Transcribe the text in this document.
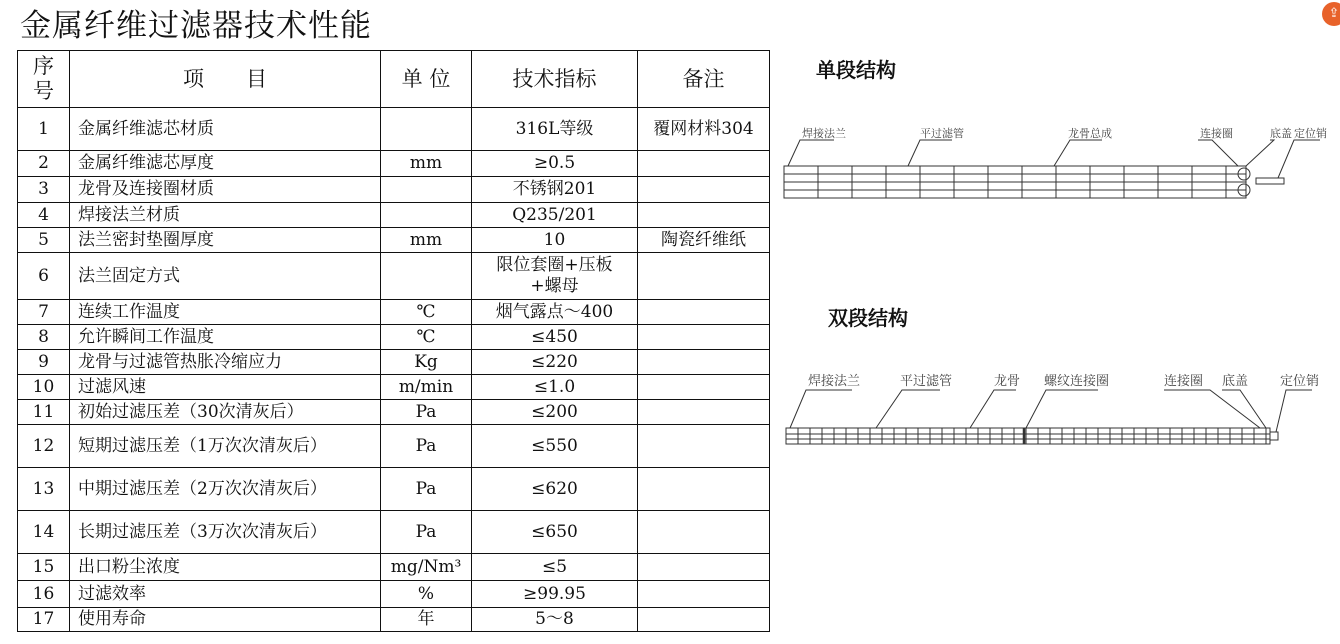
金属纤维过滤器技术性能	⇪
序
号	项　　目	单 位	技术指标	备注
1	金属纤维滤芯材质		316L等级	覆网材料304
2	金属纤维滤芯厚度	mm	≥0.5	
3	龙骨及连接圈材质		不锈钢201	
4	焊接法兰材质		Q235/201	
5	法兰密封垫圈厚度	mm	10	陶瓷纤维纸
6	法兰固定方式		限位套圈+压板+螺母	
7	连续工作温度	℃	烟气露点～400	
8	允许瞬间工作温度	℃	≤450	
9	龙骨与过滤管热胀冷缩应力	Kg	≤220	
10	过滤风速	m/min	≤1.0	
11	初始过滤压差（30次清灰后）	Pa	≤200	
12	短期过滤压差（1万次次清灰后）	Pa	≤550	
13	中期过滤压差（2万次次清灰后）	Pa	≤620	
14	长期过滤压差（3万次次清灰后）	Pa	≤650	
15	出口粉尘浓度	mg/Nm³	≤5	
16	过滤效率	%	≥99.95	
17	使用寿命	年	5～8	
单段结构
双段结构
焊接法兰	平过滤管	龙骨总成	连接圈	底盖 定位销
焊接法兰	平过滤管	龙骨 螺纹连接圈	连接圈 底盖 定位销
